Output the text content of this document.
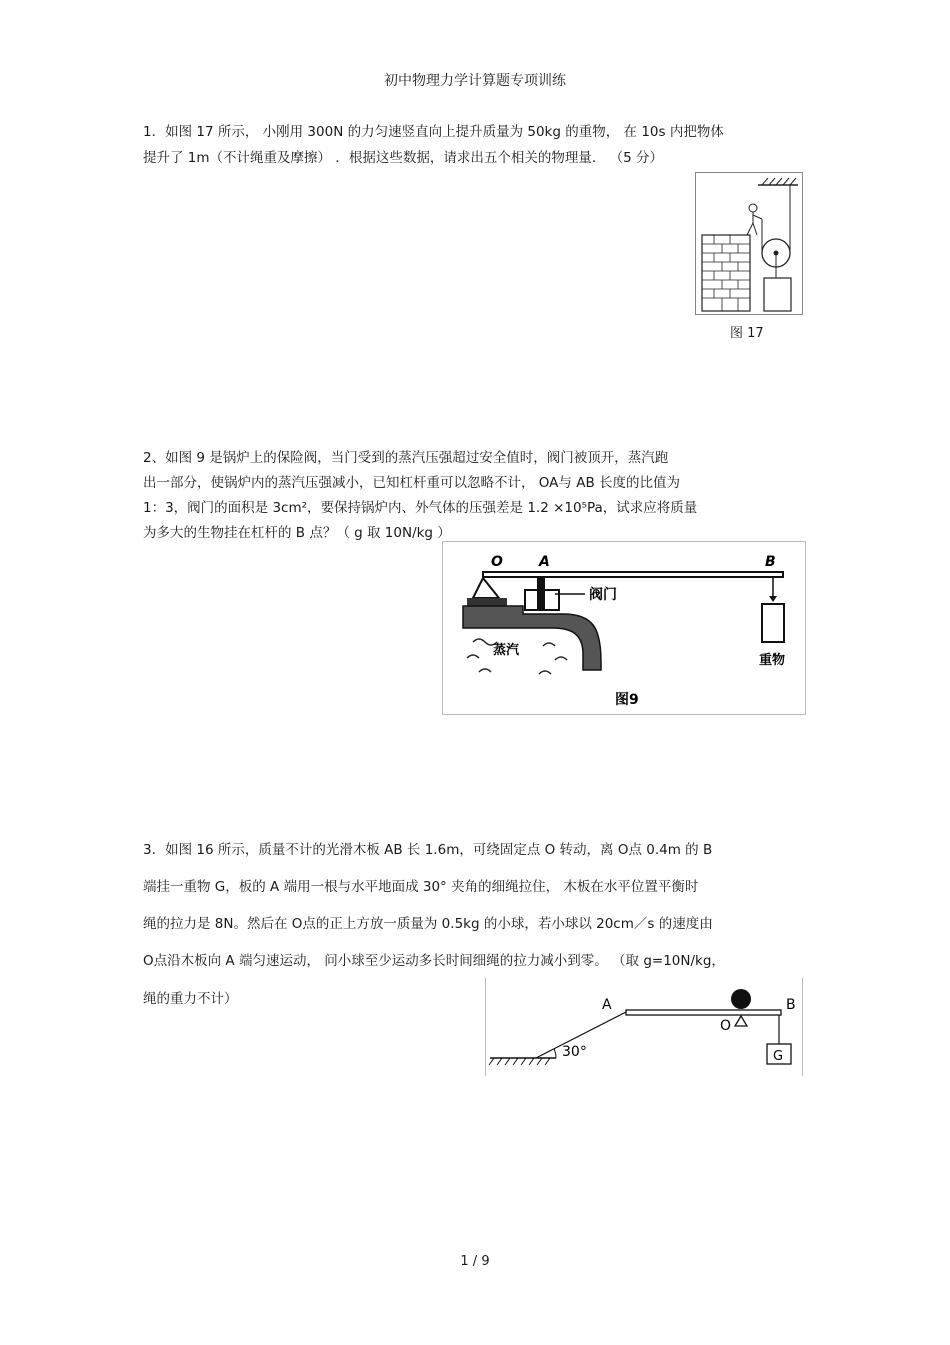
初中物理力学计算题专项训练
1．如图 17 所示， 小刚用 300N 的力匀速竖直向上提升质量为 50kg 的重物， 在 10s 内把物体
提升了 1m（不计绳重及摩擦） ．根据这些数据，请求出五个相关的物理量． （5 分）
图 17
2、如图 9 是锅炉上的保险阀，当门受到的蒸汽压强超过安全值时，阀门被顶开，蒸汽跑
出一部分，使锅炉内的蒸汽压强减小，已知杠杆重可以忽略不计， OA与 AB 长度的比值为
1：3，阀门的面积是 3cm²，要保持锅炉内、外气体的压强差是 1.2 ×10⁵Pa，试求应将质量
为多大的生物挂在杠杆的 B 点？（ g 取 10N/kg ）
O	A	B
阀门
蒸汽
重物
图9
3．如图 16 所示，质量不计的光滑木板 AB 长 1.6m，可绕固定点 O 转动，离 O点 0.4m 的 B
端挂一重物 G，板的 A 端用一根与水平地面成 30° 夹角的细绳拉住， 木板在水平位置平衡时
绳的拉力是 8N。然后在 O点的正上方放一质量为 0.5kg 的小球，若小球以 20cm／s 的速度由
O点沿木板向 A 端匀速运动， 问小球至少运动多长时间细绳的拉力减小到零。 （取 g=10N/kg，
绳的重力不计）	A	B
O
G
30°
1 / 9
